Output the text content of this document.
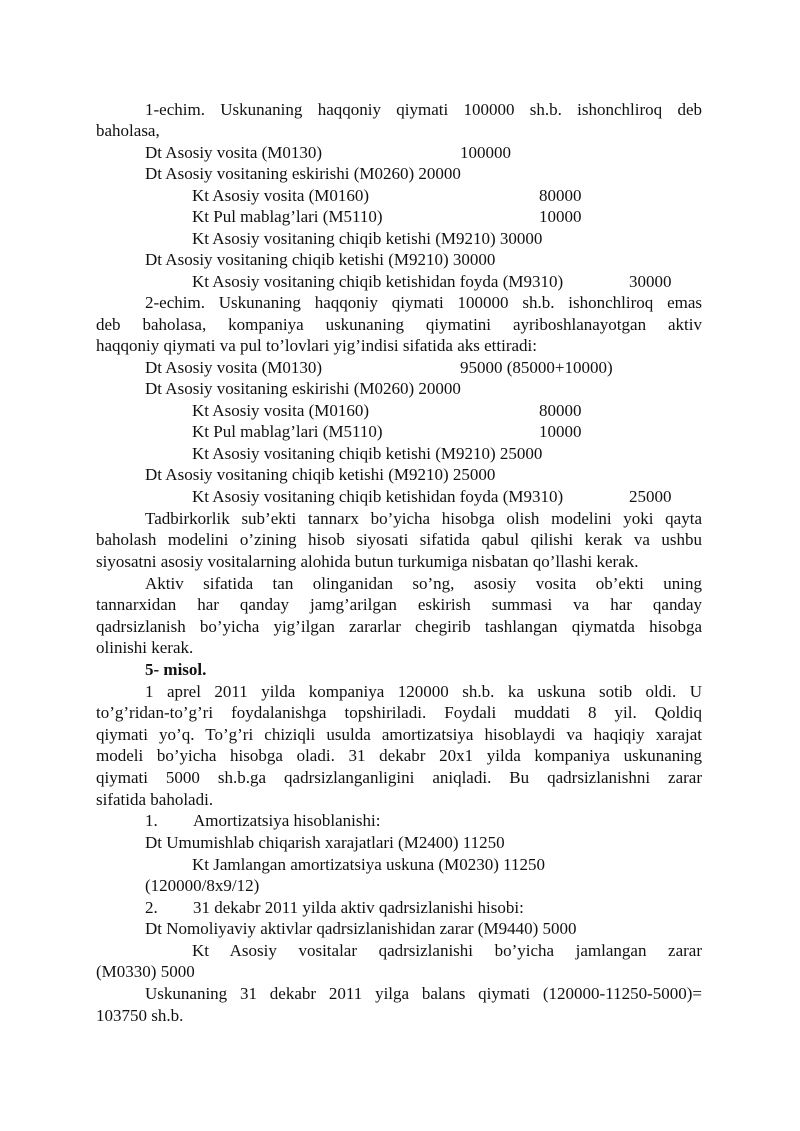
1-echim. Uskunaning haqqoniy qiymati 100000 sh.b. ishonchliroq deb
baholasa,
Dt Asosiy vosita (M0130)	100000
Dt Asosiy vositaning eskirishi (M0260) 20000
Kt Asosiy vosita (M0160)	80000
Kt Pul mablag’lari (M5110)	10000
Kt Asosiy vositaning chiqib ketishi (M9210) 30000
Dt Asosiy vositaning chiqib ketishi (M9210) 30000
Kt Asosiy vositaning chiqib ketishidan foyda (M9310)	30000
2-echim. Uskunaning haqqoniy qiymati 100000 sh.b. ishonchliroq emas
deb baholasa, kompaniya uskunaning qiymatini ayriboshlanayotgan aktiv
haqqoniy qiymati va pul to’lovlari yig’indisi sifatida aks ettiradi:
Dt Asosiy vosita (M0130)	95000 (85000+10000)
Dt Asosiy vositaning eskirishi (M0260) 20000
Kt Asosiy vosita (M0160)	80000
Kt Pul mablag’lari (M5110)	10000
Kt Asosiy vositaning chiqib ketishi (M9210) 25000
Dt Asosiy vositaning chiqib ketishi (M9210) 25000
Kt Asosiy vositaning chiqib ketishidan foyda (M9310)	25000
Tadbirkorlik sub’ekti tannarx bo’yicha hisobga olish modelini yoki qayta
baholash modelini o’zining hisob siyosati sifatida qabul qilishi kerak va ushbu
siyosatni asosiy vositalarning alohida butun turkumiga nisbatan qo’llashi kerak.
Aktiv sifatida tan olinganidan so’ng, asosiy vosita ob’ekti uning
tannarxidan har qanday jamg’arilgan eskirish summasi va har qanday
qadrsizlanish bo’yicha yig’ilgan zararlar chegirib tashlangan qiymatda hisobga
olinishi kerak.
5- misol.
1 aprel 2011 yilda kompaniya 120000 sh.b. ka uskuna sotib oldi. U
to’g’ridan-to’g’ri foydalanishga topshiriladi. Foydali muddati 8 yil. Qoldiq
qiymati yo’q. To’g’ri chiziqli usulda amortizatsiya hisoblaydi va haqiqiy xarajat
modeli bo’yicha hisobga oladi. 31 dekabr 20x1 yilda kompaniya uskunaning
qiymati 5000 sh.b.ga qadrsizlanganligini aniqladi. Bu qadrsizlanishni zarar
sifatida baholadi.
1. Amortizatsiya hisoblanishi:
Dt Umumishlab chiqarish xarajatlari (M2400) 11250
Kt Jamlangan amortizatsiya uskuna (M0230) 11250
(120000/8x9/12)
2. 31 dekabr 2011 yilda aktiv qadrsizlanishi hisobi:
Dt Nomoliyaviy aktivlar qadrsizlanishidan zarar (M9440) 5000
Kt Asosiy vositalar qadrsizlanishi bo’yicha jamlangan zarar
(M0330) 5000
Uskunaning 31 dekabr 2011 yilga balans qiymati (120000-11250-5000)=
103750 sh.b.
